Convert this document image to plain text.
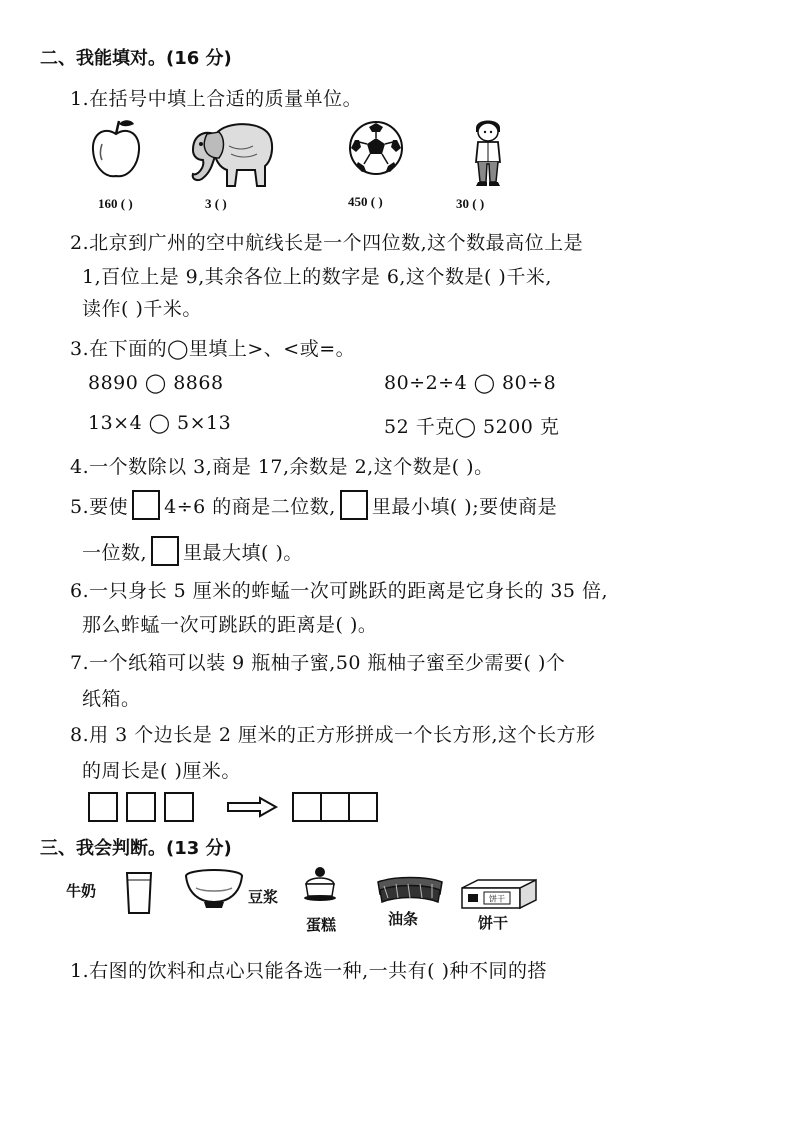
二、我能填对。(16 分)
1.在括号中填上合适的质量单位。
160 ( )	3 ( )	450 ( )	30 ( )
2.北京到广州的空中航线长是一个四位数,这个数最高位上是
1,百位上是 9,其余各位上的数字是 6,这个数是( )千米,
读作( )千米。
3.在下面的◯里填上>、<或=。
8890 ◯ 8868	80÷2÷4 ◯ 80÷8
13×4 ◯ 5×13	52 千克◯ 5200 克
4.一个数除以 3,商是 17,余数是 2,这个数是( )。
5.要使 4÷6 的商是二位数, 里最小填( );要使商是
一位数, 里最大填( )。
6.一只身长 5 厘米的蚱蜢一次可跳跃的距离是它身长的 35 倍,
那么蚱蜢一次可跳跃的距离是( )。
7.一个纸箱可以装 9 瓶柚子蜜,50 瓶柚子蜜至少需要( )个
纸箱。
8.用 3 个边长是 2 厘米的正方形拼成一个长方形,这个长方形
的周长是( )厘米。
三、我会判断。(13 分)
牛奶	豆浆
蛋糕	油条
饼干
饼干
1.右图的饮料和点心只能各选一种,一共有( )种不同的搭
